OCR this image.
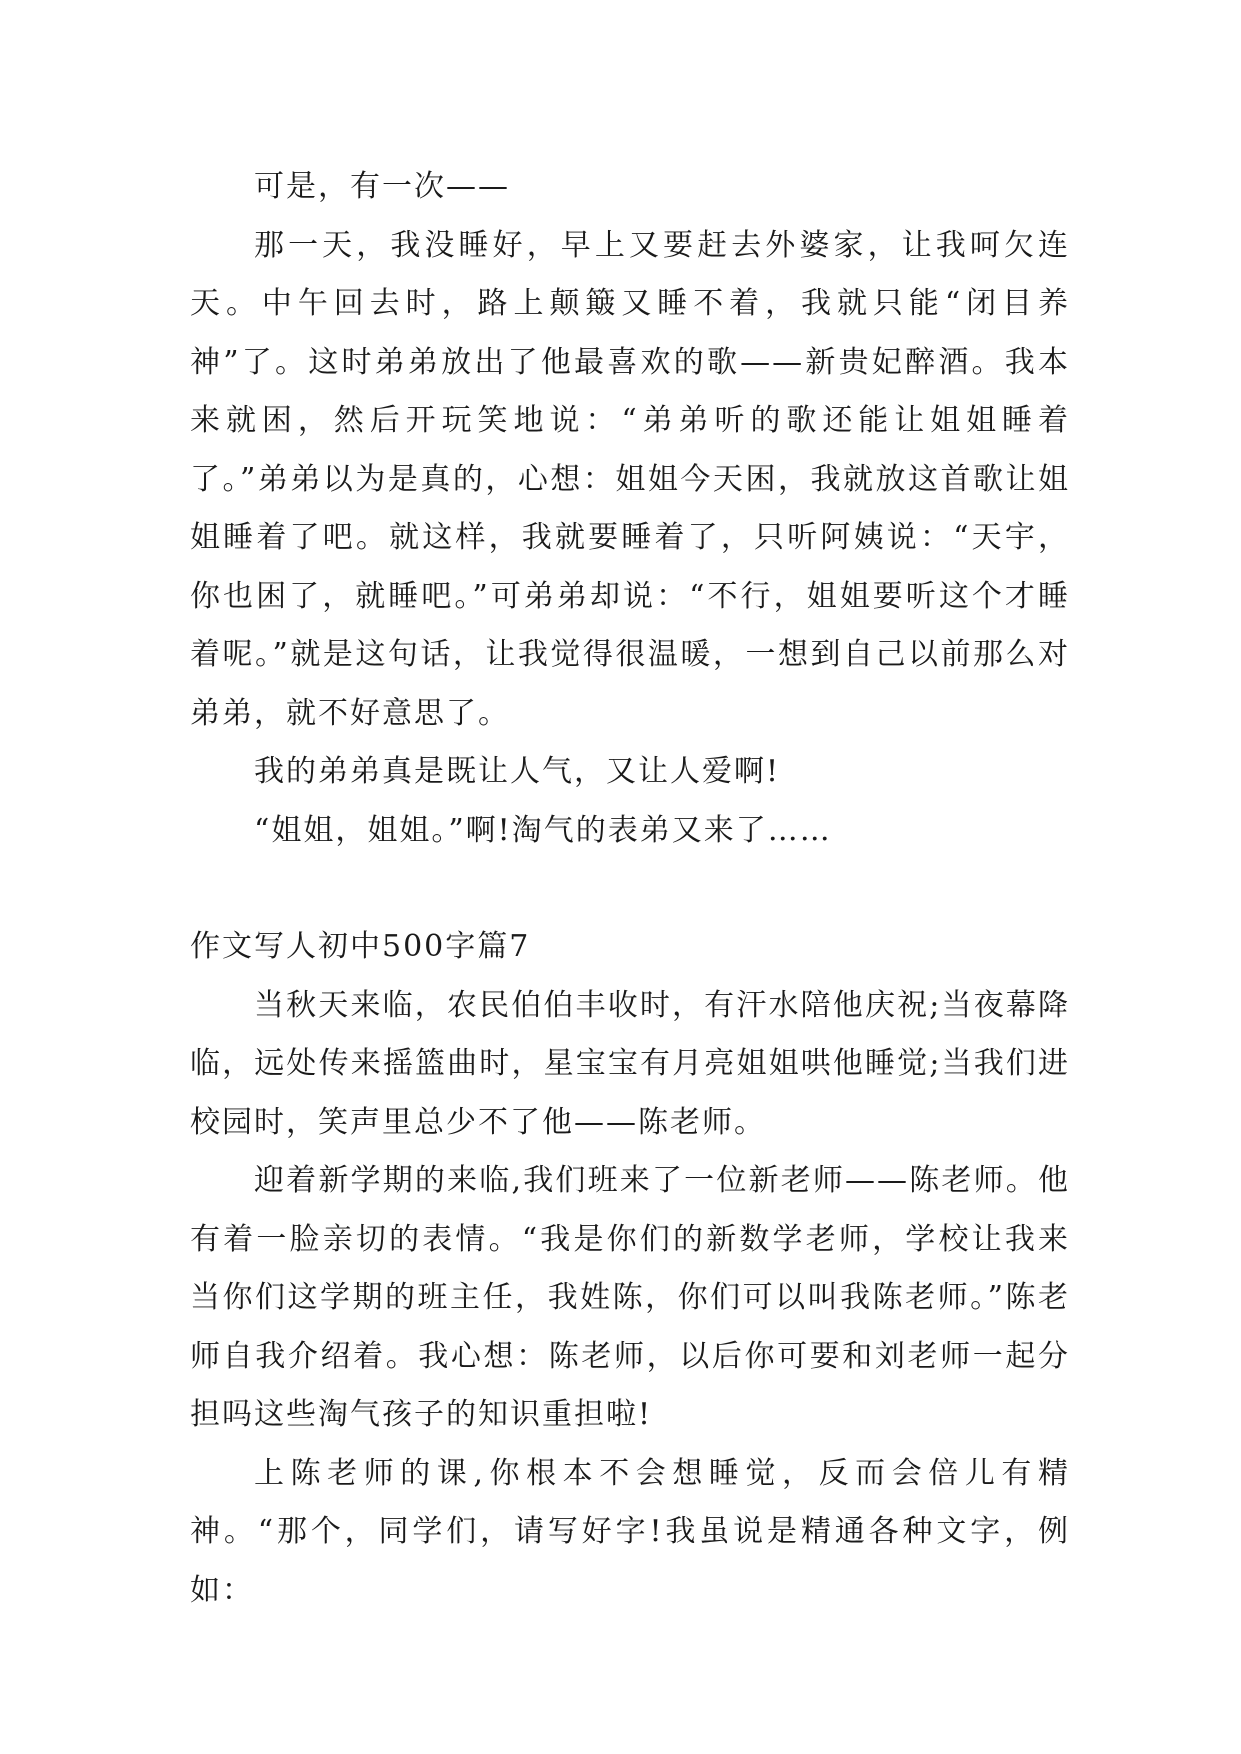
可是，有一次——

那一天，我没睡好，早上又要赶去外婆家，让我呵欠连天。中午回去时，路上颠簸又睡不着，我就只能“闭目养神”了。这时弟弟放出了他最喜欢的歌——新贵妃醉酒。我本来就困，然后开玩笑地说：“弟弟听的歌还能让姐姐睡着了。”弟弟以为是真的，心想：姐姐今天困，我就放这首歌让姐姐睡着了吧。就这样，我就要睡着了，只听阿姨说：“天宇，你也困了，就睡吧。”可弟弟却说：“不行，姐姐要听这个才睡着呢。”就是这句话，让我觉得很温暖，一想到自己以前那么对弟弟，就不好意思了。

我的弟弟真是既让人气，又让人爱啊!

“姐姐，姐姐。”啊!淘气的表弟又来了……

作文写人初中500字篇7

当秋天来临，农民伯伯丰收时，有汗水陪他庆祝;当夜幕降临，远处传来摇篮曲时，星宝宝有月亮姐姐哄他睡觉;当我们进校园时，笑声里总少不了他——陈老师。

迎着新学期的来临,我们班来了一位新老师——陈老师。他有着一脸亲切的表情。“我是你们的新数学老师，学校让我来当你们这学期的班主任，我姓陈，你们可以叫我陈老师。”陈老师自我介绍着。我心想：陈老师，以后你可要和刘老师一起分担吗这些淘气孩子的知识重担啦!

上陈老师的课,你根本不会想睡觉，反而会倍儿有精神。“那个，同学们，请写好字!我虽说是精通各种文字，例如：
